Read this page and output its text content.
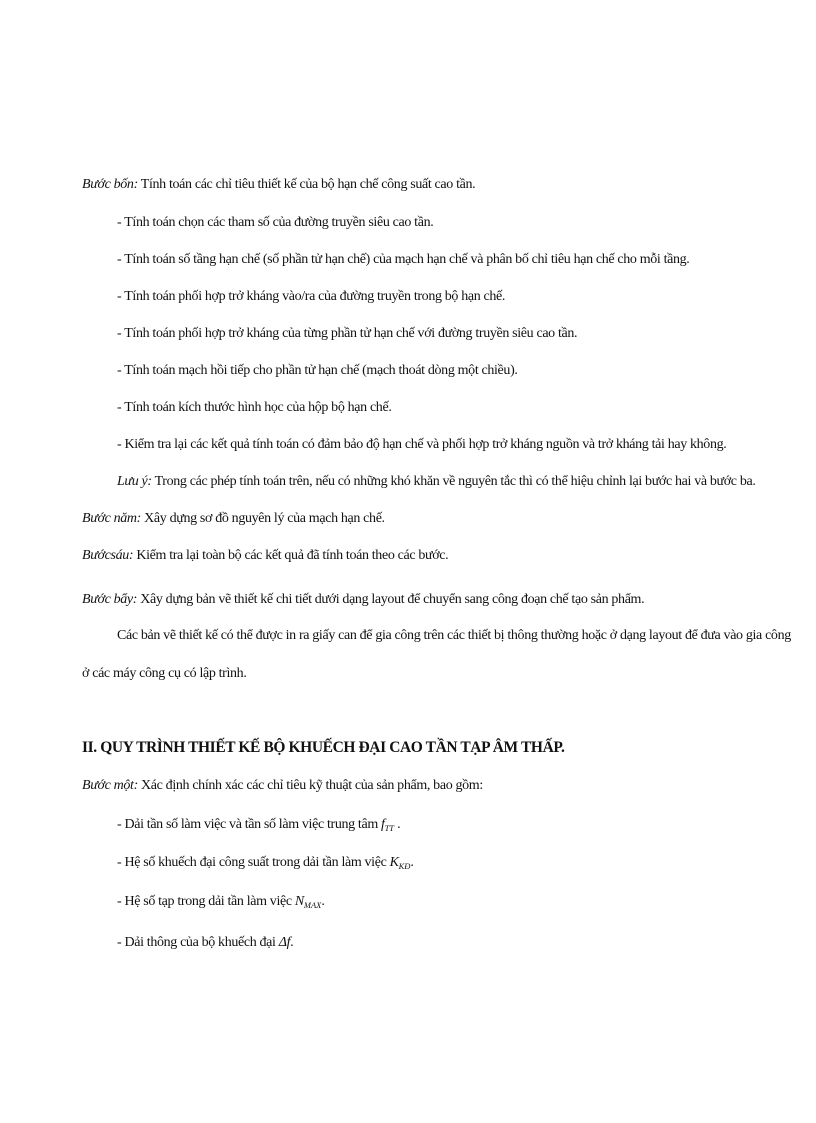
Bước bốn: Tính toán các chỉ tiêu thiết kế của bộ hạn chế công suất cao tần.
- Tính toán chọn các tham số của đường truyền siêu cao tần.
- Tính toán số tầng hạn chế (số phần tử hạn chế) của mạch hạn chế và phân bố chỉ tiêu hạn chế cho mỗi tầng.
- Tính toán phối hợp trở kháng vào/ra của đường truyền trong bộ hạn chế.
- Tính toán phối hợp trở kháng của từng phần tử hạn chế với đường truyền siêu cao tần.
- Tính toán mạch hồi tiếp cho phần tử hạn chế (mạch thoát dòng một chiều).
- Tính toán kích thước hình học của hộp bộ hạn chế.
- Kiểm tra lại các kết quả tính toán có đảm bảo độ hạn chế và phối hợp trở kháng nguồn và trở kháng tải hay không.
Lưu ý: Trong các phép tính toán trên, nếu có những khó khăn về nguyên tắc thì có thể hiệu chỉnh lại bước hai và bước ba.
Bước năm: Xây dựng sơ đồ nguyên lý của mạch hạn chế.
Bướcsáu: Kiểm tra lại toàn bộ các kết quả đã tính toán theo các bước.
Bước bẩy: Xây dựng bản vẽ thiết kế chi tiết dưới dạng layout để chuyển sang công đoạn chế tạo sản phẩm.
Các bản vẽ thiết kế có thể được in ra giấy can để gia công trên các thiết bị thông thường hoặc ở dạng layout để đưa vào gia công
ở các máy công cụ có lập trình.
II. QUY TRÌNH THIẾT KẾ BỘ KHUẾCH ĐẠI CAO TẦN TẠP ÂM THẤP.
Bước một: Xác định chính xác các chỉ tiêu kỹ thuật của sản phẩm, bao gồm:
- Dải tần số làm việc và tần số làm việc trung tâm $f_{TT}$ .
- Hệ số khuếch đại công suất trong dải tần làm việc $K_{KĐ}$.
- Hệ số tạp trong dải tần làm việc $N_{MAX}$.
- Dải thông của bộ khuếch đại Δf.
